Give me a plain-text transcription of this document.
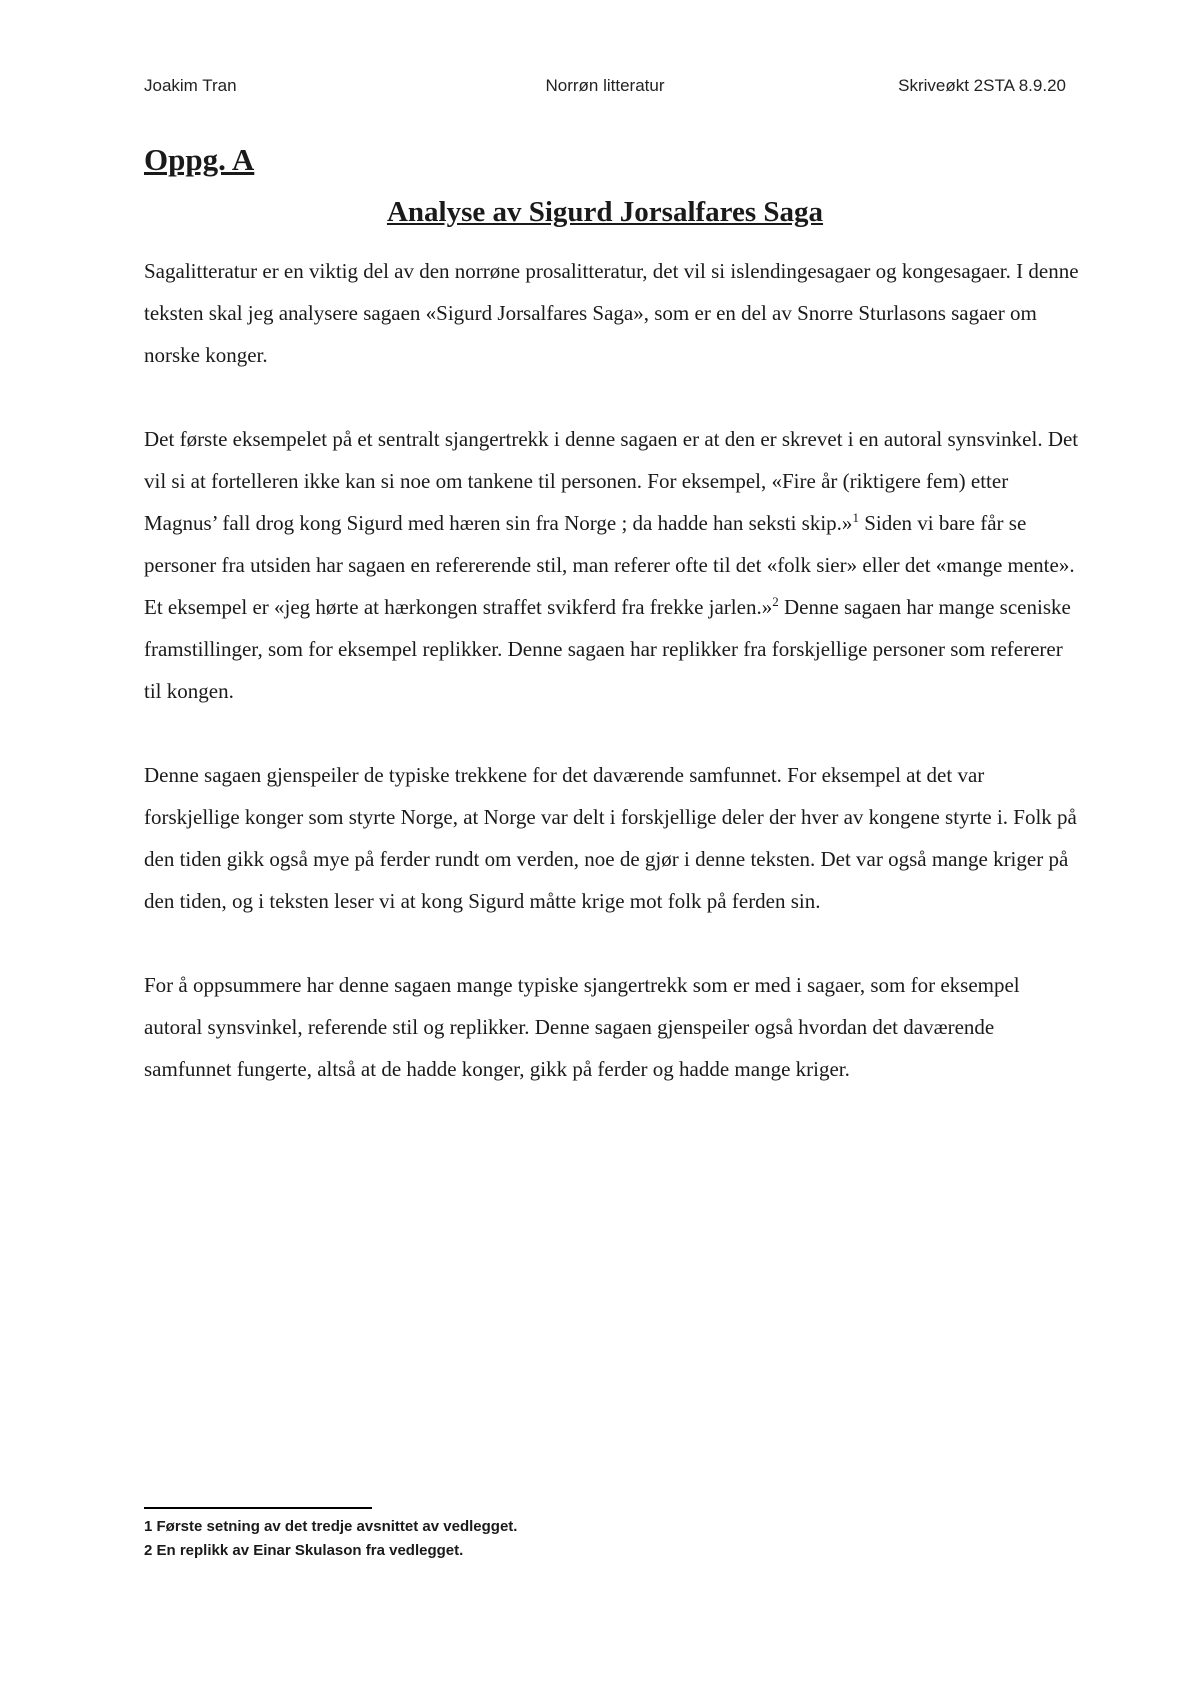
Joakim Tran	Norrøn litteratur	Skriveøkt 2STA 8.9.20
Oppg. A
Analyse av Sigurd Jorsalfares Saga

Sagalitteratur er en viktig del av den norrøne prosalitteratur, det vil si islendingesagaer og kongesagaer. I denne teksten skal jeg analysere sagaen «Sigurd Jorsalfares Saga», som er en del av Snorre Sturlasons sagaer om norske konger.

Det første eksempelet på et sentralt sjangertrekk i denne sagaen er at den er skrevet i en autoral synsvinkel. Det vil si at fortelleren ikke kan si noe om tankene til personen. For eksempel, «Fire år (riktigere fem) etter Magnus’ fall drog kong Sigurd med hæren sin fra Norge ; da hadde han seksti skip.»$^1$ Siden vi bare får se personer fra utsiden har sagaen en refererende stil, man referer ofte til det «folk sier» eller det «mange mente». Et eksempel er «jeg hørte at hærkongen straffet svikferd fra frekke jarlen.»$^2$ Denne sagaen har mange sceniske framstillinger, som for eksempel replikker. Denne sagaen har replikker fra forskjellige personer som refererer til kongen.

Denne sagaen gjenspeiler de typiske trekkene for det daværende samfunnet. For eksempel at det var forskjellige konger som styrte Norge, at Norge var delt i forskjellige deler der hver av kongene styrte i. Folk på den tiden gikk også mye på ferder rundt om verden, noe de gjør i denne teksten. Det var også mange kriger på den tiden, og i teksten leser vi at kong Sigurd måtte krige mot folk på ferden sin.

For å oppsummere har denne sagaen mange typiske sjangertrekk som er med i sagaer, som for eksempel autoral synsvinkel, referende stil og replikker. Denne sagaen gjenspeiler også hvordan det daværende samfunnet fungerte, altså at de hadde konger, gikk på ferder og hadde mange kriger.

1 Første setning av det tredje avsnittet av vedlegget.
2 En replikk av Einar Skulason fra vedlegget.
